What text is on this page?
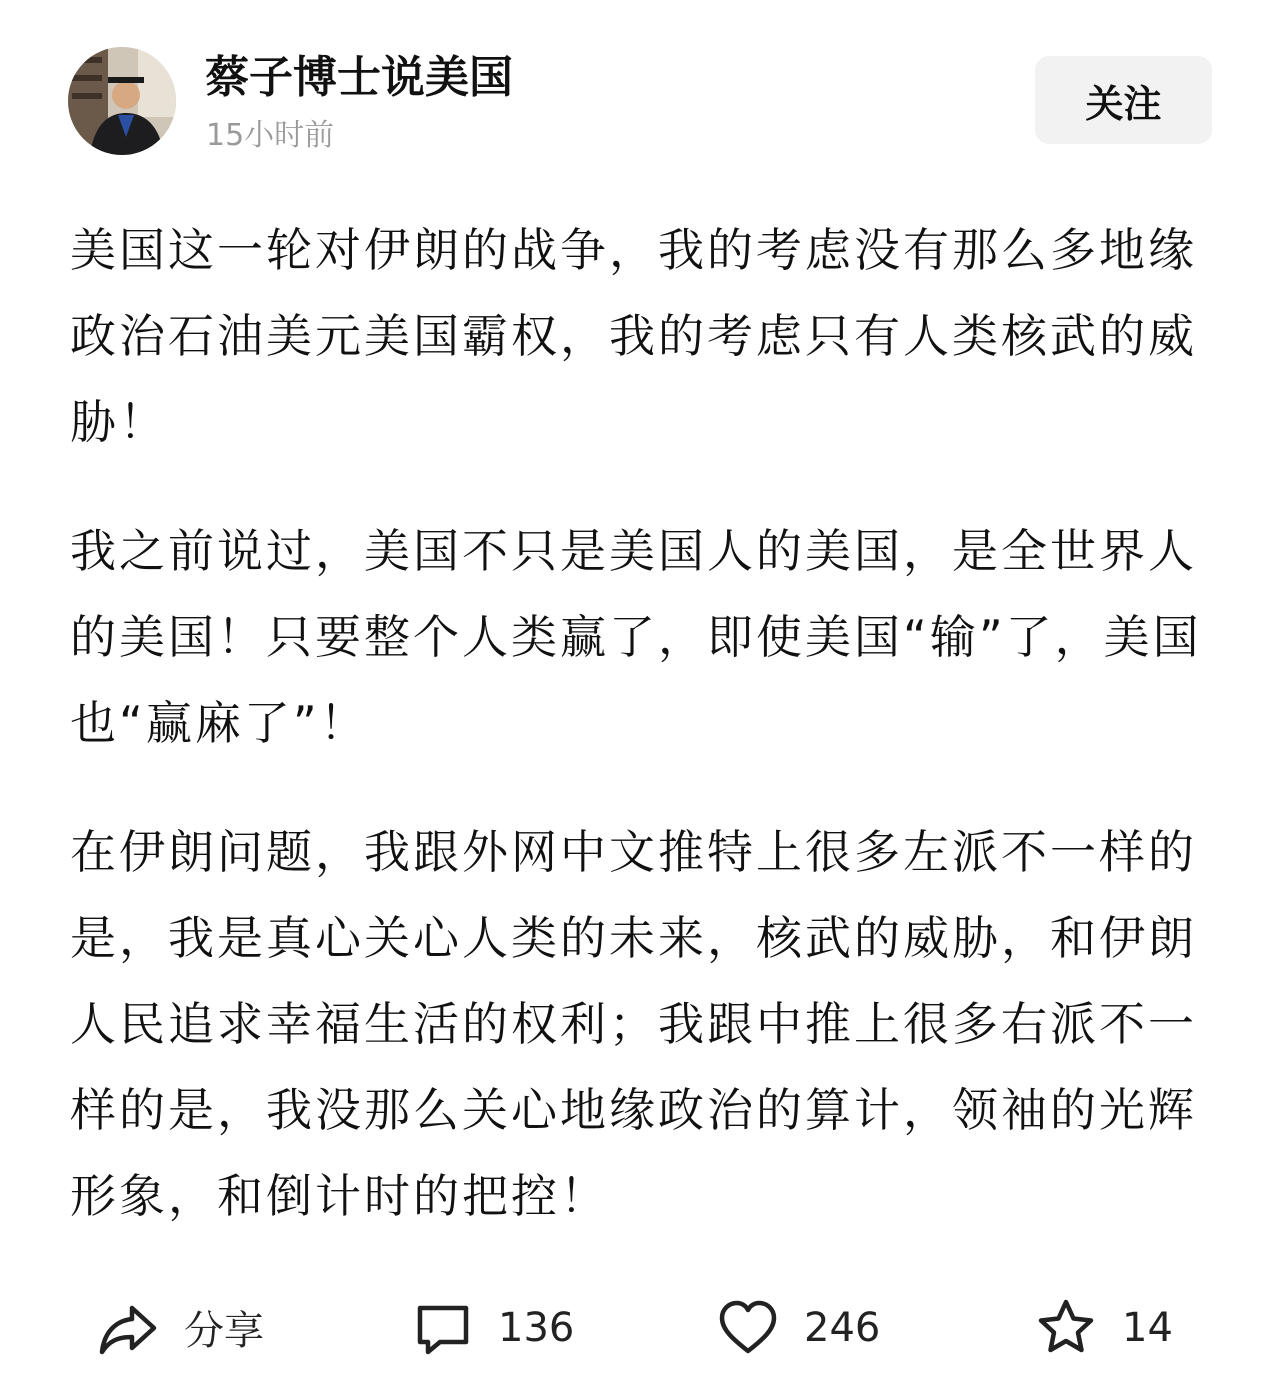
蔡子博士说美国
15小时前
关注

美国这一轮对伊朗的战争，我的考虑没有那么多地缘政治石油美元美国霸权，我的考虑只有人类核武的威胁！

我之前说过，美国不只是美国人的美国，是全世界人的美国！只要整个人类赢了，即使美国“输”了，美国也“赢麻了”！

在伊朗问题，我跟外网中文推特上很多左派不一样的是，我是真心关心人类的未来，核武的威胁，和伊朗人民追求幸福生活的权利；我跟中推上很多右派不一样的是，我没那么关心地缘政治的算计，领袖的光辉形象，和倒计时的把控！

分享	136	246	14
